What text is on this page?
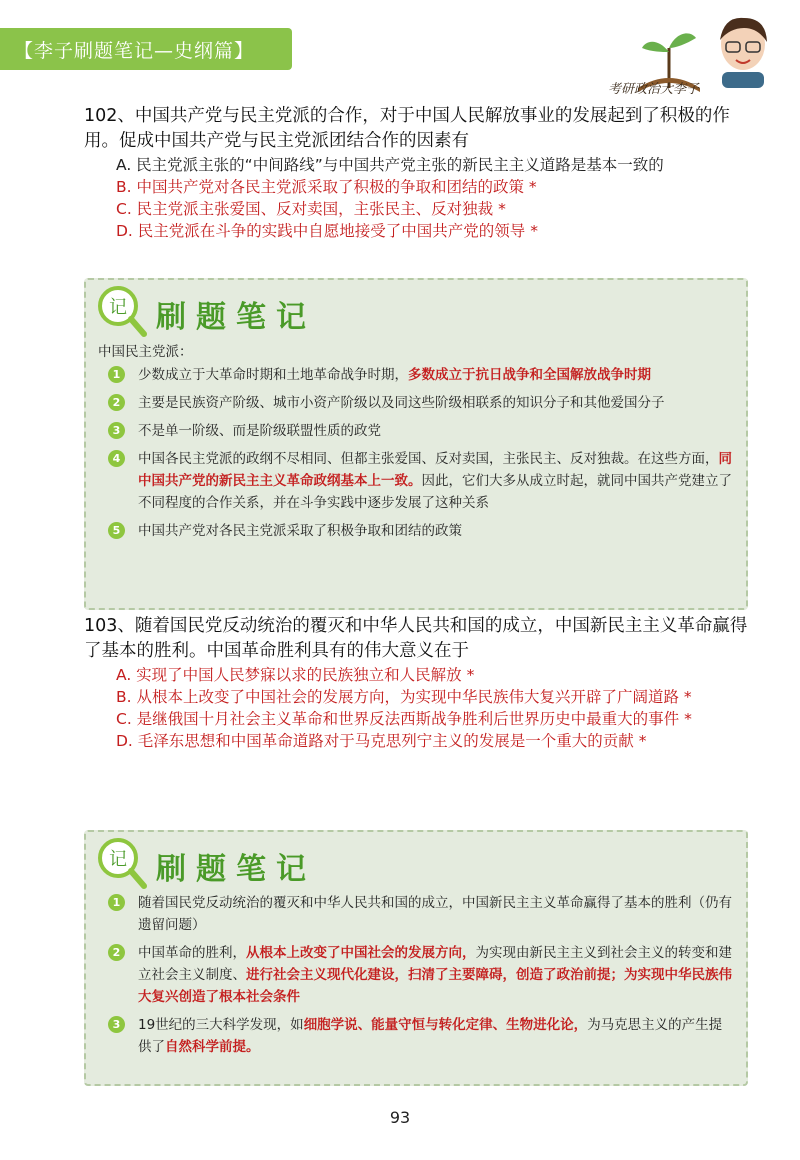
【李子刷题笔记—史纲篇】
考研政治大李子

102、中国共产党与民主党派的合作，对于中国人民解放事业的发展起到了积极的作用。促成中国共产党与民主党派团结合作的因素有

A. 民主党派主张的“中间路线”与中国共产党主张的新民主主义道路是基本一致的

B. 中国共产党对各民主党派采取了积极的争取和团结的政策 *

C. 民主党派主张爱国、反对卖国，主张民主、反对独裁 *

D. 民主党派在斗争的实践中自愿地接受了中国共产党的领导 *

记 刷题笔记

中国民主党派：

1	少数成立于大革命时期和土地革命战争时期，多数成立于抗日战争和全国解放战争时期
2	主要是民族资产阶级、城市小资产阶级以及同这些阶级相联系的知识分子和其他爱国分子
3	不是单一阶级、而是阶级联盟性质的政党
4	中国各民主党派的政纲不尽相同、但都主张爱国、反对卖国，主张民主、反对独裁。在这些方面，同中国共产党的新民主主义革命政纲基本上一致。因此，它们大多从成立时起，就同中国共产党建立了不同程度的合作关系，并在斗争实践中逐步发展了这种关系
5	中国共产党对各民主党派采取了积极争取和团结的政策

103、随着国民党反动统治的覆灭和中华人民共和国的成立，中国新民主主义革命赢得了基本的胜利。中国革命胜利具有的伟大意义在于

A. 实现了中国人民梦寐以求的民族独立和人民解放 *

B. 从根本上改变了中国社会的发展方向，为实现中华民族伟大复兴开辟了广阔道路 *

C. 是继俄国十月社会主义革命和世界反法西斯战争胜利后世界历史中最重大的事件 *

D. 毛泽东思想和中国革命道路对于马克思列宁主义的发展是一个重大的贡献 *

记 刷题笔记
1	随着国民党反动统治的覆灭和中华人民共和国的成立，中国新民主主义革命赢得了基本的胜利（仍有遗留问题）
2	中国革命的胜利，从根本上改变了中国社会的发展方向，为实现由新民主主义到社会主义的转变和建立社会主义制度、进行社会主义现代化建设，扫清了主要障碍，创造了政治前提；为实现中华民族伟大复兴创造了根本社会条件
3	19世纪的三大科学发现，如细胞学说、能量守恒与转化定律、生物进化论，为马克思主义的产生提供了自然科学前提。
93
